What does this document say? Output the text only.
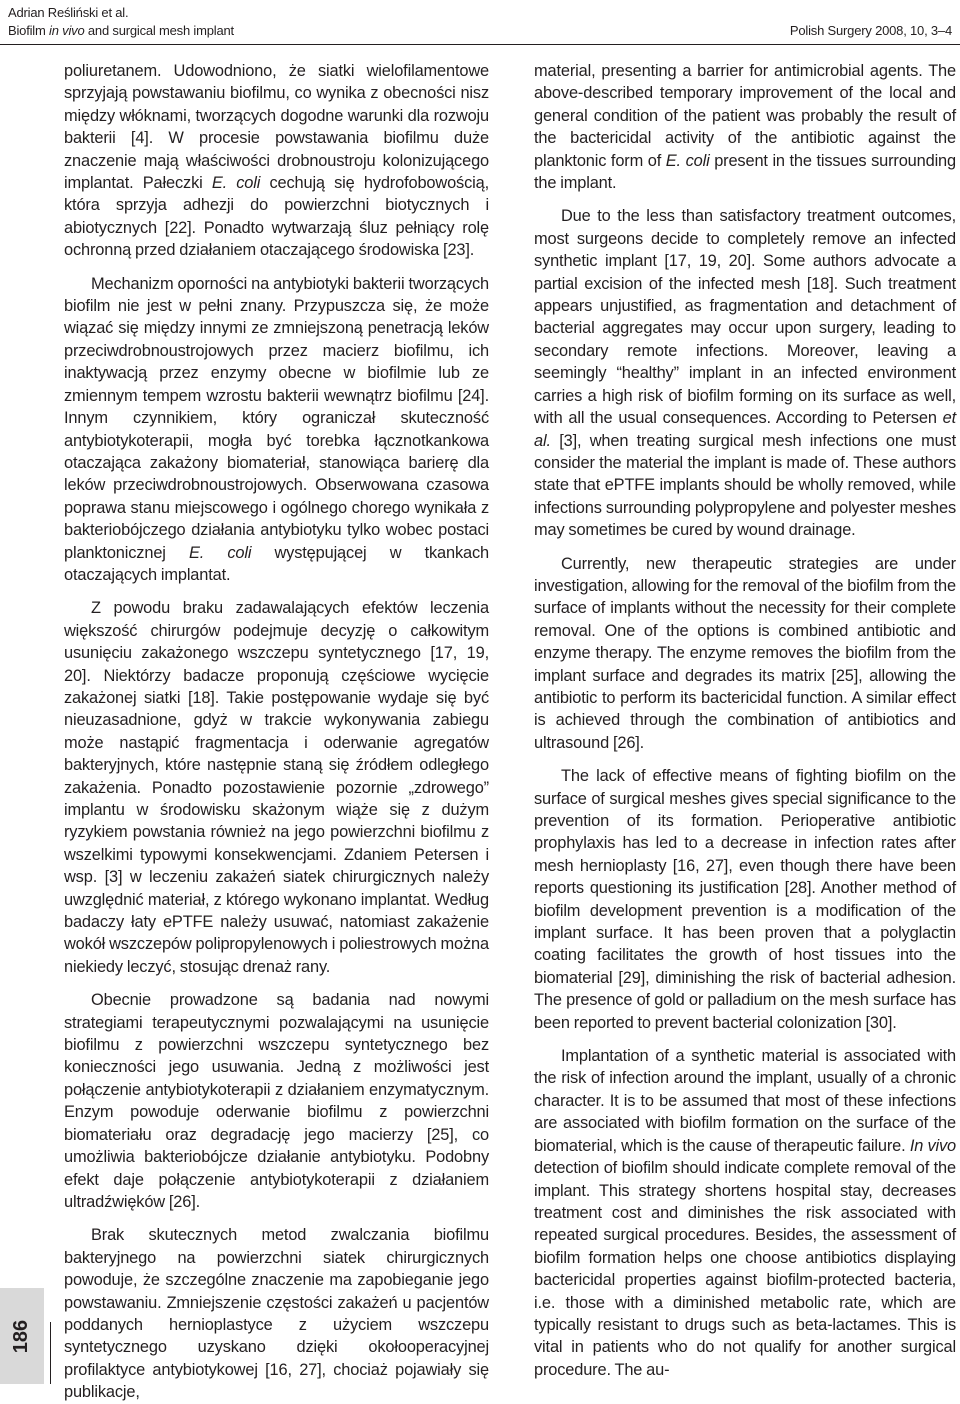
Adrian Reśliński et al.
Biofilm in vivo and surgical mesh implant	Polish Surgery 2008, 10, 3–4

poliuretanem. Udowodniono, że siatki wielofilamentowe sprzyjają powstawaniu biofilmu, co wynika z obecności nisz między włóknami, tworzących dogodne warunki dla rozwoju bakterii [4]. W procesie powstawania biofilmu duże znaczenie mają właściwości drobnoustroju kolonizującego implantat. Pałeczki E. coli cechują się hydrofobowością, która sprzyja adhezji do powierzchni biotycznych i abiotycznych [22]. Ponadto wytwarzają śluz pełniący rolę ochronną przed działaniem otaczającego środowiska [23].

Mechanizm oporności na antybiotyki bakterii tworzących biofilm nie jest w pełni znany. Przypuszcza się, że może wiązać się między innymi ze zmniejszoną penetracją leków przeciwdrobnoustrojowych przez macierz biofilmu, ich inaktywacją przez enzymy obecne w biofilmie lub ze zmiennym tempem wzrostu bakterii wewnątrz biofilmu [24]. Innym czynnikiem, który ograniczał skuteczność antybiotykoterapii, mogła być torebka łącznotkankowa otaczająca zakażony biomateriał, stanowiąca barierę dla leków przeciwdrobnoustrojowych. Obserwowana czasowa poprawa stanu miejscowego i ogólnego chorego wynikała z bakteriobójczego działania antybiotyku tylko wobec postaci planktonicznej E. coli występującej w tkankach otaczających implantat.

Z powodu braku zadawalających efektów leczenia większość chirurgów podejmuje decyzję o całkowitym usunięciu zakażonego wszczepu syntetycznego [17, 19, 20]. Niektórzy badacze proponują częściowe wycięcie zakażonej siatki [18]. Takie postępowanie wydaje się być nieuzasadnione, gdyż w trakcie wykonywania zabiegu może nastąpić fragmentacja i oderwanie agregatów bakteryjnych, które następnie staną się źródłem odległego zakażenia. Ponadto pozostawienie pozornie „zdrowego” implantu w środowisku skażonym wiąże się z dużym ryzykiem powstania również na jego powierzchni biofilmu z wszelkimi typowymi konsekwencjami. Zdaniem Petersen i wsp. [3] w leczeniu zakażeń siatek chirurgicznych należy uwzględnić materiał, z którego wykonano implantat. Według badaczy łaty ePTFE należy usuwać, natomiast zakażenie wokół wszczepów polipropylenowych i poliestrowych można niekiedy leczyć, stosując drenaż rany.

Obecnie prowadzone są badania nad nowymi strategiami terapeutycznymi pozwalającymi na usunięcie biofilmu z powierzchni wszczepu syntetycznego bez konieczności jego usuwania. Jedną z możliwości jest połączenie antybiotykoterapii z działaniem enzymatycznym. Enzym powoduje oderwanie biofilmu z powierzchni biomateriału oraz degradację jego macierzy [25], co umożliwia bakteriobójcze działanie antybiotyku. Podobny efekt daje połączenie antybiotykoterapii z działaniem ultradźwięków [26].

Brak skutecznych metod zwalczania biofilmu bakteryjnego na powierzchni siatek chirurgicznych powoduje, że szczególne znaczenie ma zapobieganie jego powstawaniu. Zmniejszenie częstości zakażeń u pacjentów poddanych hernioplastyce z użyciem wszczepu syntetycznego uzyskano dzięki okołooperacyjnej profilaktyce antybiotykowej [16, 27], chociaż pojawiały się publikacje,

material, presenting a barrier for antimicrobial agents. The above-described temporary improvement of the local and general condition of the patient was probably the result of the bactericidal activity of the antibiotic against the planktonic form of E. coli present in the tissues surrounding the implant.

Due to the less than satisfactory treatment outcomes, most surgeons decide to completely remove an infected synthetic implant [17, 19, 20]. Some authors advocate a partial excision of the infected mesh [18]. Such treatment appears unjustified, as fragmentation and detachment of bacterial aggregates may occur upon surgery, leading to secondary remote infections. Moreover, leaving a seemingly “healthy” implant in an infected environment carries a high risk of biofilm forming on its surface as well, with all the usual consequences. According to Petersen et al. [3], when treating surgical mesh infections one must consider the material the implant is made of. These authors state that ePTFE implants should be wholly removed, while infections surrounding polypropylene and polyester meshes may sometimes be cured by wound drainage.

Currently, new therapeutic strategies are under investigation, allowing for the removal of the biofilm from the surface of implants without the necessity for their complete removal. One of the options is combined antibiotic and enzyme therapy. The enzyme removes the biofilm from the implant surface and degrades its matrix [25], allowing the antibiotic to perform its bactericidal function. A similar effect is achieved through the combination of antibiotics and ultrasound [26].

The lack of effective means of fighting biofilm on the surface of surgical meshes gives special significance to the prevention of its formation. Perioperative antibiotic prophylaxis has led to a decrease in infection rates after mesh hernioplasty [16, 27], even though there have been reports questioning its justification [28]. Another method of biofilm development prevention is a modification of the implant surface. It has been proven that a polyglactin coating facilitates the growth of host tissues into the biomaterial [29], diminishing the risk of bacterial adhesion. The presence of gold or palladium on the mesh surface has been reported to prevent bacterial colonization [30].

Implantation of a synthetic material is associated with the risk of infection around the implant, usually of a chronic character. It is to be assumed that most of these infections are associated with biofilm formation on the surface of the biomaterial, which is the cause of therapeutic failure. In vivo detection of biofilm should indicate complete removal of the implant. This strategy shortens hospital stay, decreases treatment cost and diminishes the risk associated with repeated surgical procedures. Besides, the assessment of biofilm formation helps one choose antibiotics displaying bactericidal properties against biofilm-protected bacteria, i.e. those with a diminished metabolic rate, which are typically resistant to drugs such as beta-lactames. This is vital in patients who do not qualify for another surgical procedure. The au-

186
